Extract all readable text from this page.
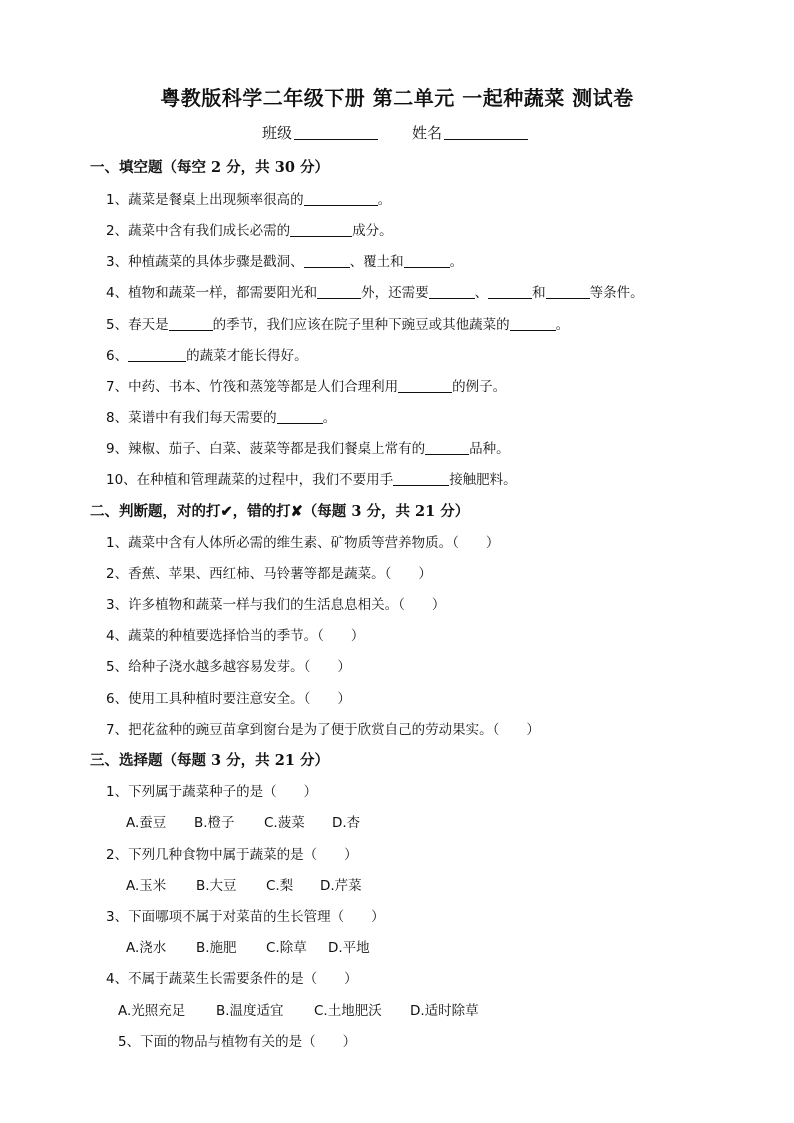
粤教版科学二年级下册 第二单元 一起种蔬菜 测试卷
班级	姓名
一、填空题（每空 2 分，共 30 分）
1、蔬菜是餐桌上出现频率很高的	。
2、蔬菜中含有我们成长必需的	成分。
3、种植蔬菜的具体步骤是戳洞、	、覆土和	。
4、植物和蔬菜一样，都需要阳光和	外，还需要	、	和	等条件。
5、春天是	的季节，我们应该在院子里种下豌豆或其他蔬菜的	。
6、	的蔬菜才能长得好。
7、中药、书本、竹筏和蒸笼等都是人们合理利用	的例子。
8、菜谱中有我们每天需要的	。
9、辣椒、茄子、白菜、菠菜等都是我们餐桌上常有的	品种。
10、在种植和管理蔬菜的过程中，我们不要用手	接触肥料。
二、判断题，对的打✔，错的打✘（每题 3 分，共 21 分）
1、蔬菜中含有人体所必需的维生素、矿物质等营养物质。（　　）
2、香蕉、苹果、西红柿、马铃薯等都是蔬菜。（　　）
3、许多植物和蔬菜一样与我们的生活息息相关。（　　）
4、蔬菜的种植要选择恰当的季节。（　　）
5、给种子浇水越多越容易发芽。（　　）
6、使用工具种植时要注意安全。（　　）
7、把花盆种的豌豆苗拿到窗台是为了便于欣赏自己的劳动果实。（　　）
三、选择题（每题 3 分，共 21 分）
1、下列属于蔬菜种子的是（　　）
A.蚕豆 B.橙子 C.菠菜 D.杏
2、下列几种食物中属于蔬菜的是（　　）
A.玉米 B.大豆 C.梨 D.芹菜
3、下面哪项不属于对菜苗的生长管理（　　）
A.浇水 B.施肥 C.除草 D.平地
4、不属于蔬菜生长需要条件的是（　　）
A.光照充足 B.温度适宜 C.土地肥沃 D.适时除草
5、下面的物品与植物有关的是（　　）
